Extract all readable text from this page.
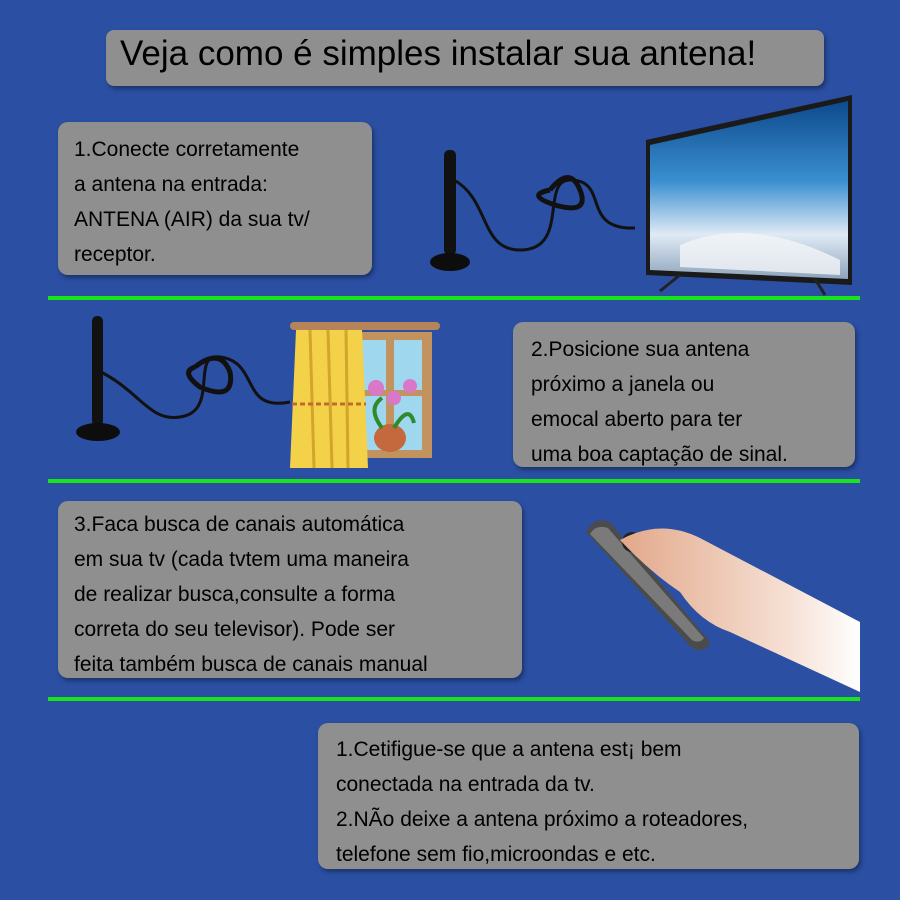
Veja como é simples instalar sua antena!

1.Conecte corretamente

a antena na entrada:

ANTENA (AIR) da sua tv/

receptor.

2.Posicione sua antena

próximo a janela ou

emocal aberto para ter

uma boa captação de sinal.

3.Faca busca de canais automática

em sua tv (cada tvtem uma maneira

de realizar busca,consulte a forma

correta do seu televisor). Pode ser

feita também busca de canais manual

1.Cetifigue-se que a antena est¡ bem

conectada na entrada da tv.

2.NÃo deixe a antena próximo a roteadores,

telefone sem fio,microondas e etc.
